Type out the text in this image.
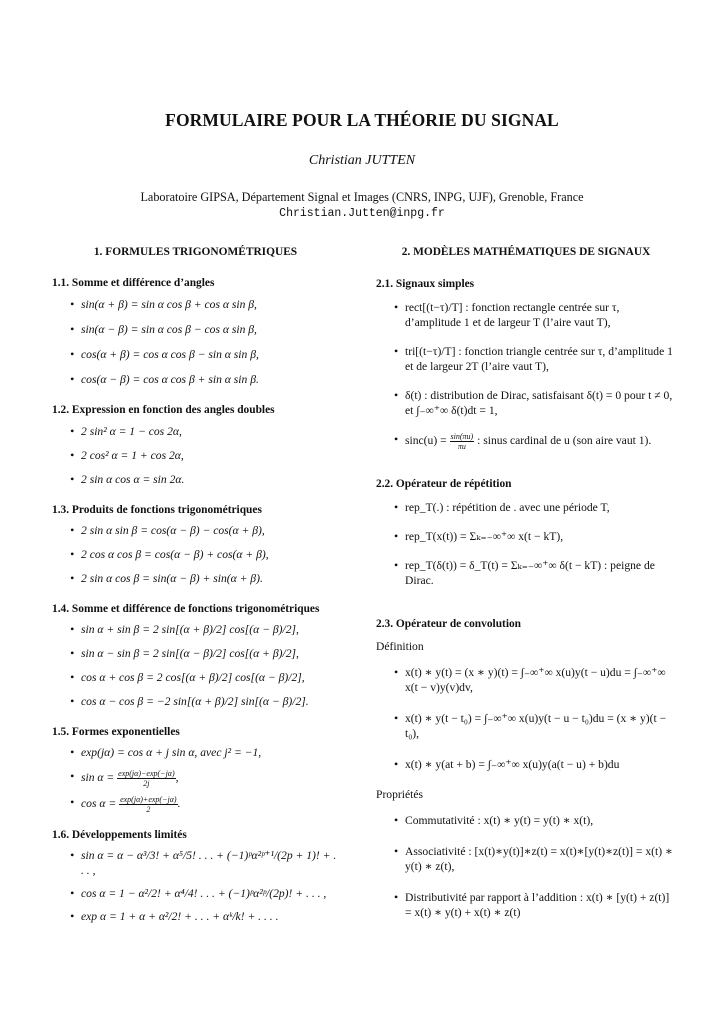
FORMULAIRE POUR LA THÉORIE DU SIGNAL
Christian JUTTEN
Laboratoire GIPSA, Département Signal et Images (CNRS, INPG, UJF), Grenoble, France
Christian.Jutten@inpg.fr
1. FORMULES TRIGONOMÉTRIQUES
1.1. Somme et différence d’angles
• sin(α + β) = sin α cos β + cos α sin β,
• sin(α − β) = sin α cos β − cos α sin β,
• cos(α + β) = cos α cos β − sin α sin β,
• cos(α − β) = cos α cos β + sin α sin β.
1.2. Expression en fonction des angles doubles
• 2 sin² α = 1 − cos 2α,
• 2 cos² α = 1 + cos 2α,
• 2 sin α cos α = sin 2α.
1.3. Produits de fonctions trigonométriques
• 2 sin α sin β = cos(α − β) − cos(α + β),
• 2 cos α cos β = cos(α − β) + cos(α + β),
• 2 sin α cos β = sin(α − β) + sin(α + β).
1.4. Somme et différence de fonctions trigonométriques
• sin α + sin β = 2 sin[(α + β)/2] cos[(α − β)/2],
• sin α − sin β = 2 sin[(α − β)/2] cos[(α + β)/2],
• cos α + cos β = 2 cos[(α + β)/2] cos[(α − β)/2],
• cos α − cos β = −2 sin[(α + β)/2] sin[(α − β)/2].
1.5. Formes exponentielles
• exp(jα) = cos α + j sin α, avec j² = −1,
• $\sin \alpha = \frac{\exp(j\alpha)-\exp(-j\alpha)}{2j}$ ,
• $\cos \alpha = \frac{\exp(j\alpha)+\exp(-j\alpha)}{2}$ .
1.6. Développements limités
• sin α = α − α³/3! + α⁵/5! . . . + (−1)ᵖα²ᵖ⁺¹/(2p + 1)! + . . . ,
• cos α = 1 − α²/2! + α⁴/4! . . . + (−1)ᵖα²ᵖ/(2p)! + . . . ,
• exp α = 1 + α + α²/2! + . . . + αᵏ/k! + . . . .
2. MODÈLES MATHÉMATIQUES DE SIGNAUX
2.1. Signaux simples
• rect[(t−τ)/T] : fonction rectangle centrée sur τ, d’amplitude 1 et de largeur T (l’aire vaut T),
• tri[(t−τ)/T] : fonction triangle centrée sur τ, d’amplitude 1 et de largeur 2T (l’aire vaut T),
• δ(t) : distribution de Dirac, satisfaisant δ(t) = 0 pour t ≠ 0, et ∫₋∞⁺∞ δ(t)dt = 1,
• $\sin c(u) = \frac{\sin(\pi u)}{\pi u}$ : sinus cardinal de u (son aire vaut 1).
2.2. Opérateur de répétition
• rep_T(.) : répétition de . avec une période T,
• rep_T(x(t)) = Σₖ₌₋∞⁺∞ x(t − kT),
• rep_T(δ(t)) = δ_T(t) = Σₖ₌₋∞⁺∞ δ(t − kT) : peigne de Dirac.
2.3. Opérateur de convolution
Définition
• x(t) ∗ y(t) = (x ∗ y)(t) = ∫₋∞⁺∞ x(u)y(t − u)du = ∫₋∞⁺∞ x(t − v)y(v)dv,
• x(t) ∗ y(t − t₀) = ∫₋∞⁺∞ x(u)y(t − u − t₀)du = (x ∗ y)(t − t₀),
• x(t) ∗ y(at + b) = ∫₋∞⁺∞ x(u)y(a(t − u) + b)du
Propriétés
• Commutativité : x(t) ∗ y(t) = y(t) ∗ x(t),
• Associativité : [x(t)∗y(t)]∗z(t) = x(t)∗[y(t)∗z(t)] = x(t) ∗ y(t) ∗ z(t),
• Distributivité par rapport à l’addition : x(t) ∗ [y(t) + z(t)] = x(t) ∗ y(t) + x(t) ∗ z(t)
